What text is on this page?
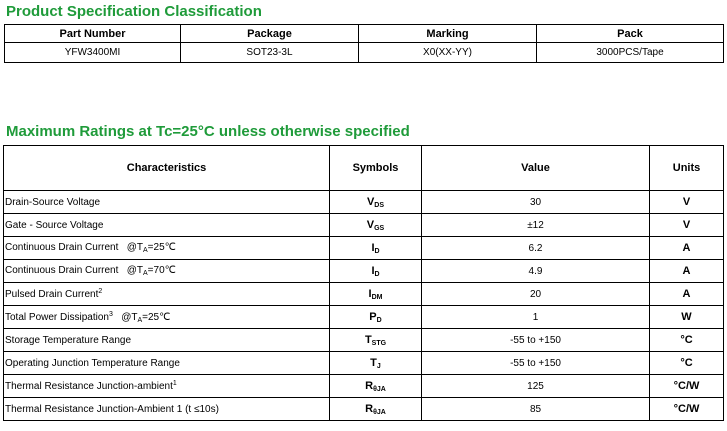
Product Specification Classification
Part Number	Package	Marking	Pack
YFW3400MI	SOT23-3L	X0(XX-YY)	3000PCS/Tape
Maximum Ratings at Tc=25°C unless otherwise specified
Characteristics	Symbols	Value	Units
Drain-Source Voltage	$V_{DS}$	30	V
Gate - Source Voltage	$V_{GS}$	±12	V
Continuous Drain Current $@T_A=25℃$	$I_D$	6.2	A
Continuous Drain Current $@T_A=70℃$	$I_D$	4.9	A
Pulsed Drain Current$^2$	$I_{DM}$	20	A
Total Power Dissipation$^3$ $@T_A=25℃$	$P_D$	1	W
Storage Temperature Range	$T_{STG}$	-55 to +150	°C
Operating Junction Temperature Range	$T_J$	-55 to +150	°C
Thermal Resistance Junction-ambient$^1$	$R_{\theta JA}$	125	°C/W
Thermal Resistance Junction-Ambient 1 (t ≤10s)	$R_{\theta JA}$	85	°C/W
